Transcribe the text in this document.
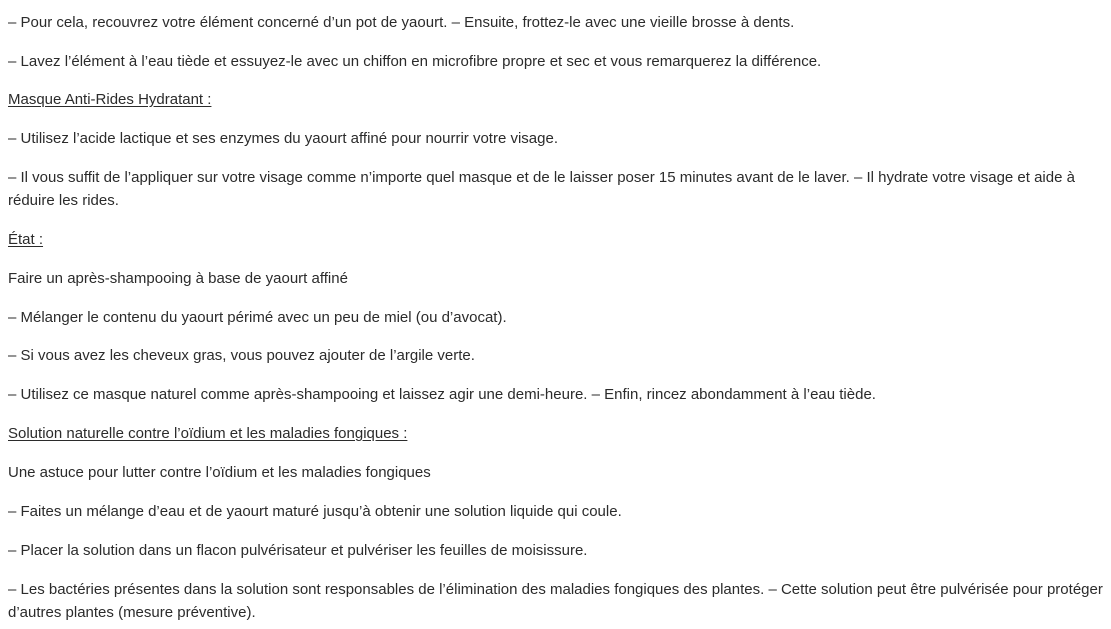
– Pour cela, recouvrez votre élément concerné d’un pot de yaourt. – Ensuite, frottez-le avec une vieille brosse à dents.

– Lavez l’élément à l’eau tiède et essuyez-le avec un chiffon en microfibre propre et sec et vous remarquerez la différence.

Masque Anti-Rides Hydratant :

– Utilisez l’acide lactique et ses enzymes du yaourt affiné pour nourrir votre visage.

– Il vous suffit de l’appliquer sur votre visage comme n’importe quel masque et de le laisser poser 15 minutes avant de le laver. – Il hydrate votre visage et aide à réduire les rides.

État :

Faire un après-shampooing à base de yaourt affiné

– Mélanger le contenu du yaourt périmé avec un peu de miel (ou d’avocat).

– Si vous avez les cheveux gras, vous pouvez ajouter de l’argile verte.

– Utilisez ce masque naturel comme après-shampooing et laissez agir une demi-heure. – Enfin, rincez abondamment à l’eau tiède.

Solution naturelle contre l’oïdium et les maladies fongiques :

Une astuce pour lutter contre l’oïdium et les maladies fongiques

– Faites un mélange d’eau et de yaourt maturé jusqu’à obtenir une solution liquide qui coule.

– Placer la solution dans un flacon pulvérisateur et pulvériser les feuilles de moisissure.

– Les bactéries présentes dans la solution sont responsables de l’élimination des maladies fongiques des plantes. – Cette solution peut être pulvérisée pour protéger d’autres plantes (mesure préventive).
